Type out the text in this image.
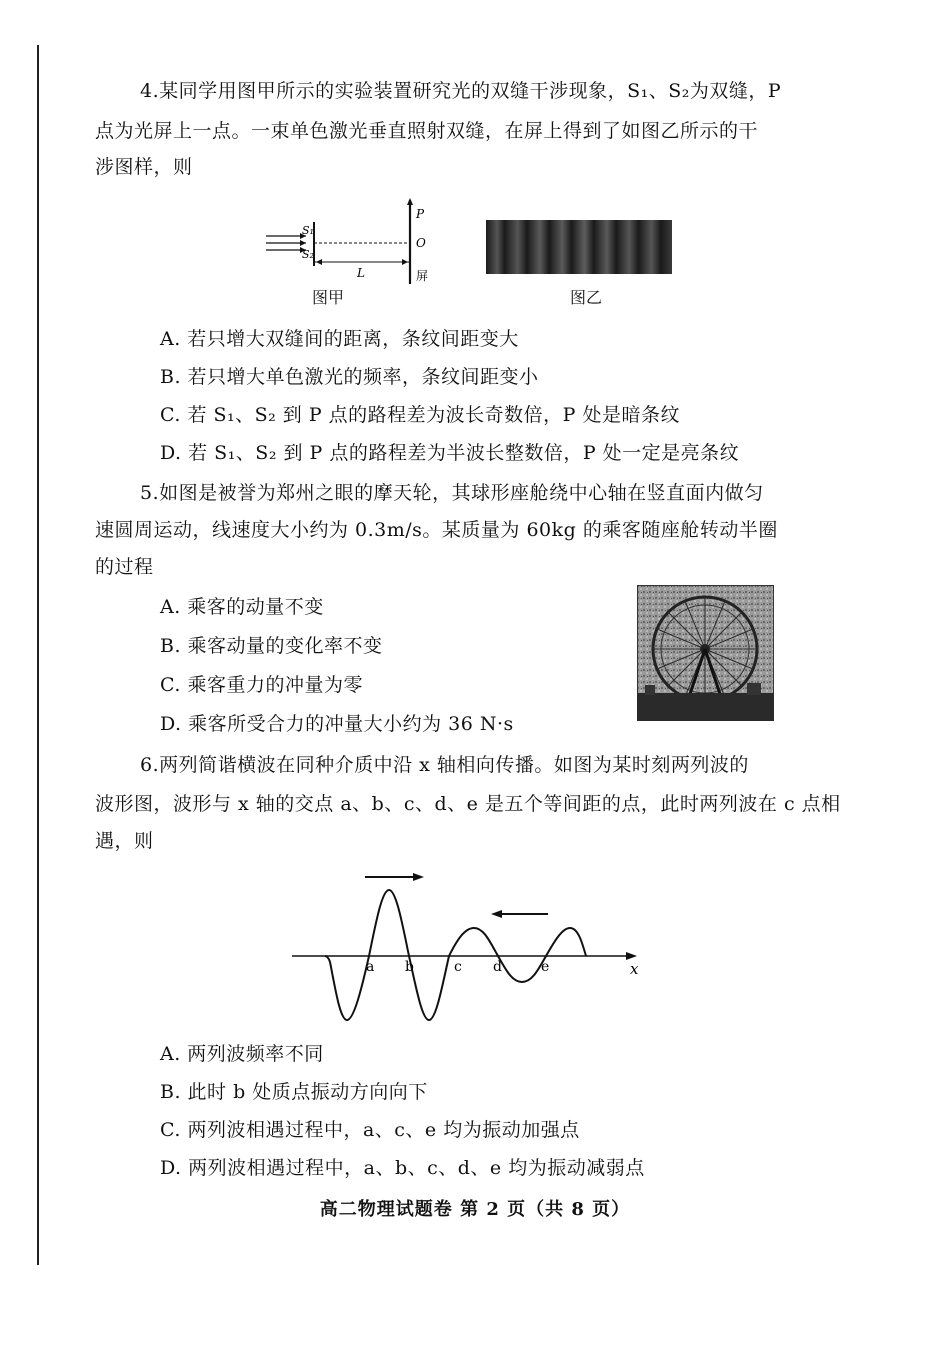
4.某同学用图甲所示的实验装置研究光的双缝干涉现象，S₁、S₂为双缝，P
点为光屏上一点。一束单色激光垂直照射双缝，在屏上得到了如图乙所示的干
涉图样，则
S₁
S₂
P
O
屏
L
图甲	图乙
A. 若只增大双缝间的距离，条纹间距变大
B. 若只增大单色激光的频率，条纹间距变小
C. 若 S₁、S₂ 到 P 点的路程差为波长奇数倍，P 处是暗条纹
D. 若 S₁、S₂ 到 P 点的路程差为半波长整数倍，P 处一定是亮条纹
5.如图是被誉为郑州之眼的摩天轮，其球形座舱绕中心轴在竖直面内做匀
速圆周运动，线速度大小约为 0.3m/s。某质量为 60kg 的乘客随座舱转动半圈
的过程
A. 乘客的动量不变
B. 乘客动量的变化率不变
C. 乘客重力的冲量为零
D. 乘客所受合力的冲量大小约为 36 N·s
6.两列简谐横波在同种介质中沿 x 轴相向传播。如图为某时刻两列波的
波形图，波形与 x 轴的交点 a、b、c、d、e 是五个等间距的点，此时两列波在 c 点相
遇，则
x
a b	c d	e
A. 两列波频率不同
B. 此时 b 处质点振动方向向下
C. 两列波相遇过程中，a、c、e 均为振动加强点
D. 两列波相遇过程中，a、b、c、d、e 均为振动减弱点
高二物理试题卷 第 2 页（共 8 页）
